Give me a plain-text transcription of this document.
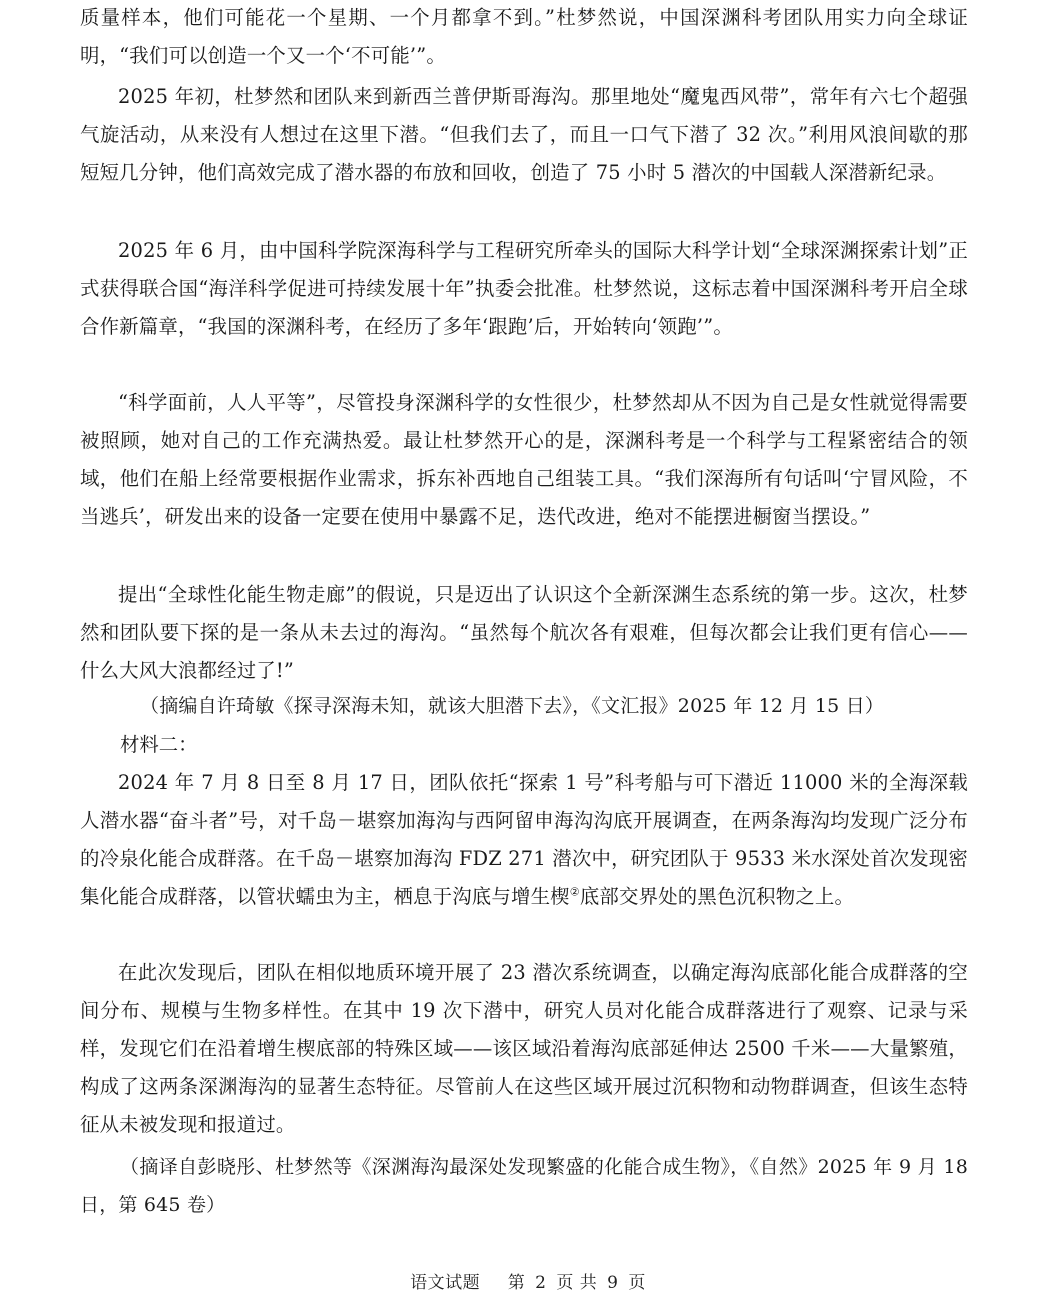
质量样本，他们可能花一个星期、一个月都拿不到。”杜梦然说，中国深渊科考团队用实力向全球证明，“我们可以创造一个又一个‘不可能’”。

2025 年初，杜梦然和团队来到新西兰普伊斯哥海沟。那里地处“魔鬼西风带”，常年有六七个超强气旋活动，从来没有人想过在这里下潜。“但我们去了，而且一口气下潜了 32 次。”利用风浪间歇的那短短几分钟，他们高效完成了潜水器的布放和回收，创造了 75 小时 5 潜次的中国载人深潜新纪录。

2025 年 6 月，由中国科学院深海科学与工程研究所牵头的国际大科学计划“全球深渊探索计划”正式获得联合国“海洋科学促进可持续发展十年”执委会批准。杜梦然说，这标志着中国深渊科考开启全球合作新篇章，“我国的深渊科考，在经历了多年‘跟跑’后，开始转向‘领跑’”。

“科学面前，人人平等”，尽管投身深渊科学的女性很少，杜梦然却从不因为自己是女性就觉得需要被照顾，她对自己的工作充满热爱。最让杜梦然开心的是，深渊科考是一个科学与工程紧密结合的领域，他们在船上经常要根据作业需求，拆东补西地自己组装工具。“我们深海所有句话叫‘宁冒风险，不当逃兵’，研发出来的设备一定要在使用中暴露不足，迭代改进，绝对不能摆进橱窗当摆设。”

提出“全球性化能生物走廊”的假说，只是迈出了认识这个全新深渊生态系统的第一步。这次，杜梦然和团队要下探的是一条从未去过的海沟。“虽然每个航次各有艰难，但每次都会让我们更有信心——什么大风大浪都经过了!”

（摘编自许琦敏《探寻深海未知，就该大胆潜下去》，《文汇报》2025 年 12 月 15 日）

材料二：

2024 年 7 月 8 日至 8 月 17 日，团队依托“探索 1 号”科考船与可下潜近 11000 米的全海深载人潜水器“奋斗者”号，对千岛－堪察加海沟与西阿留申海沟沟底开展调查，在两条海沟均发现广泛分布的冷泉化能合成群落。在千岛－堪察加海沟 FDZ 271 潜次中，研究团队于 9533 米水深处首次发现密集化能合成群落，以管状蠕虫为主，栖息于沟底与增生楔②底部交界处的黑色沉积物之上。

在此次发现后，团队在相似地质环境开展了 23 潜次系统调查，以确定海沟底部化能合成群落的空间分布、规模与生物多样性。在其中 19 次下潜中，研究人员对化能合成群落进行了观察、记录与采样，发现它们在沿着增生楔底部的特殊区域——该区域沿着海沟底部延伸达 2500 千米——大量繁殖，构成了这两条深渊海沟的显著生态特征。尽管前人在这些区域开展过沉积物和动物群调查，但该生态特征从未被发现和报道过。

（摘译自彭晓彤、杜梦然等《深渊海沟最深处发现繁盛的化能合成生物》，《自然》2025 年 9 月 18 日，第 645 卷）

语文试题 第 2 页 共 9 页
